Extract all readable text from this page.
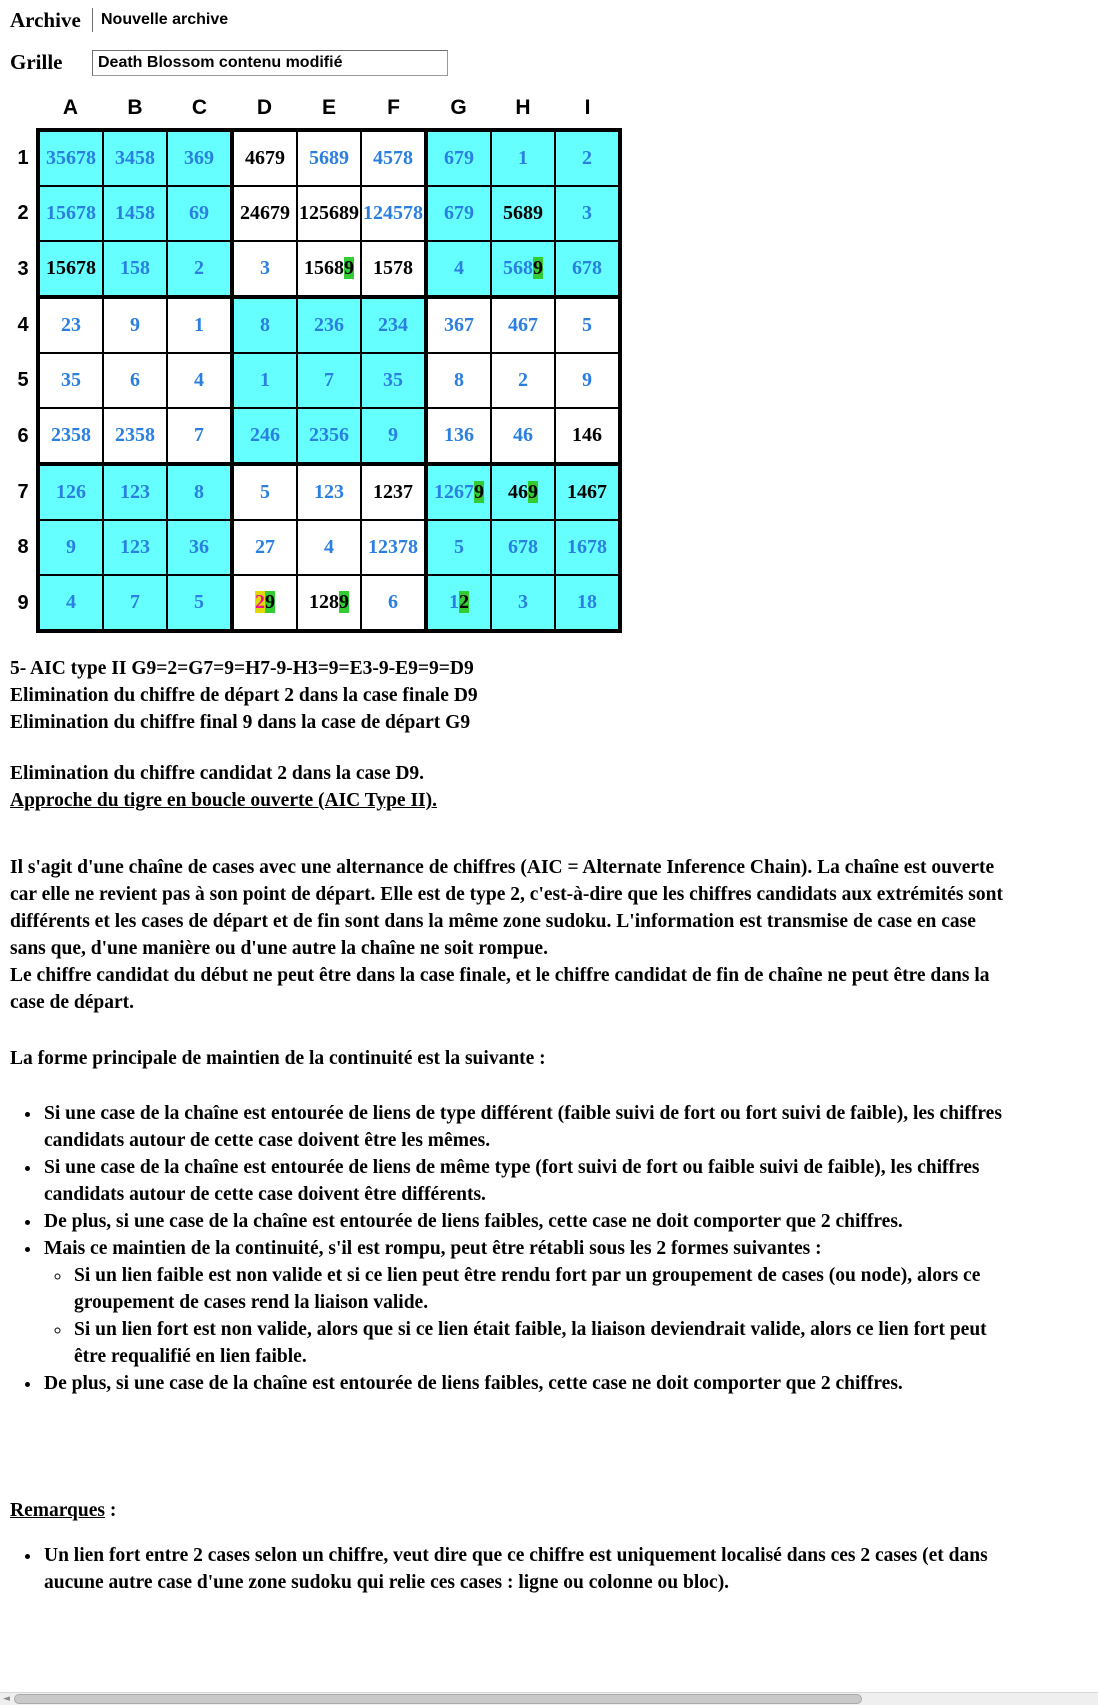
Archive	Nouvelle archive
Grille
Death Blossom contenu modifié
	A	B	C	D	E	F	G	H	I
1	35678	3458	369	4679	5689	4578	679	1	2
2	15678	1458	69	24679	125689	124578	679	5689	3
3	15678	158	2	3	15689	1578	4	5689	678
4	23	9	1	8	236	234	367	467	5
5	35	6	4	1	7	35	8	2	9
6	2358	2358	7	246	2356	9	136	46	146
7	126	123	8	5	123	1237	12679	469	1467
8	9	123	36	27	4	12378	5	678	1678
9	4	7	5	29	1289	6	12	3	18
5- AIC type II G9=2=G7=9=H7-9-H3=9=E3-9-E9=9=D9
Elimination du chiffre de départ 2 dans la case finale D9
Elimination du chiffre final 9 dans la case de départ G9
Elimination du chiffre candidat 2 dans la case D9.
Approche du tigre en boucle ouverte (AIC Type II).

Il s'agit d'une chaîne de cases avec une alternance de chiffres (AIC = Alternate Inference Chain). La chaîne est ouverte car elle ne revient pas à son point de départ. Elle est de type 2, c'est-à-dire que les chiffres candidats aux extrémités sont différents et les cases de départ et de fin sont dans la même zone sudoku. L'information est transmise de case en case sans que, d'une manière ou d'une autre la chaîne ne soit rompue.

Le chiffre candidat du début ne peut être dans la case finale, et le chiffre candidat de fin de chaîne ne peut être dans la case de départ.

La forme principale de maintien de la continuité est la suivante :
• Si une case de la chaîne est entourée de liens de type différent (faible suivi de fort ou fort suivi de faible), les chiffres candidats autour de cette case doivent être les mêmes.
• Si une case de la chaîne est entourée de liens de même type (fort suivi de fort ou faible suivi de faible), les chiffres candidats autour de cette case doivent être différents.
• De plus, si une case de la chaîne est entourée de liens faibles, cette case ne doit comporter que 2 chiffres.
• Mais ce maintien de la continuité, s'il est rompu, peut être rétabli sous les 2 formes suivantes :
◦ Si un lien faible est non valide et si ce lien peut être rendu fort par un groupement de cases (ou node), alors ce groupement de cases rend la liaison valide.
◦ Si un lien fort est non valide, alors que si ce lien était faible, la liaison deviendrait valide, alors ce lien fort peut être requalifié en lien faible.
• De plus, si une case de la chaîne est entourée de liens faibles, cette case ne doit comporter que 2 chiffres.
Remarques :
• Un lien fort entre 2 cases selon un chiffre, veut dire que ce chiffre est uniquement localisé dans ces 2 cases (et dans aucune autre case d'une zone sudoku qui relie ces cases : ligne ou colonne ou bloc).
◄
